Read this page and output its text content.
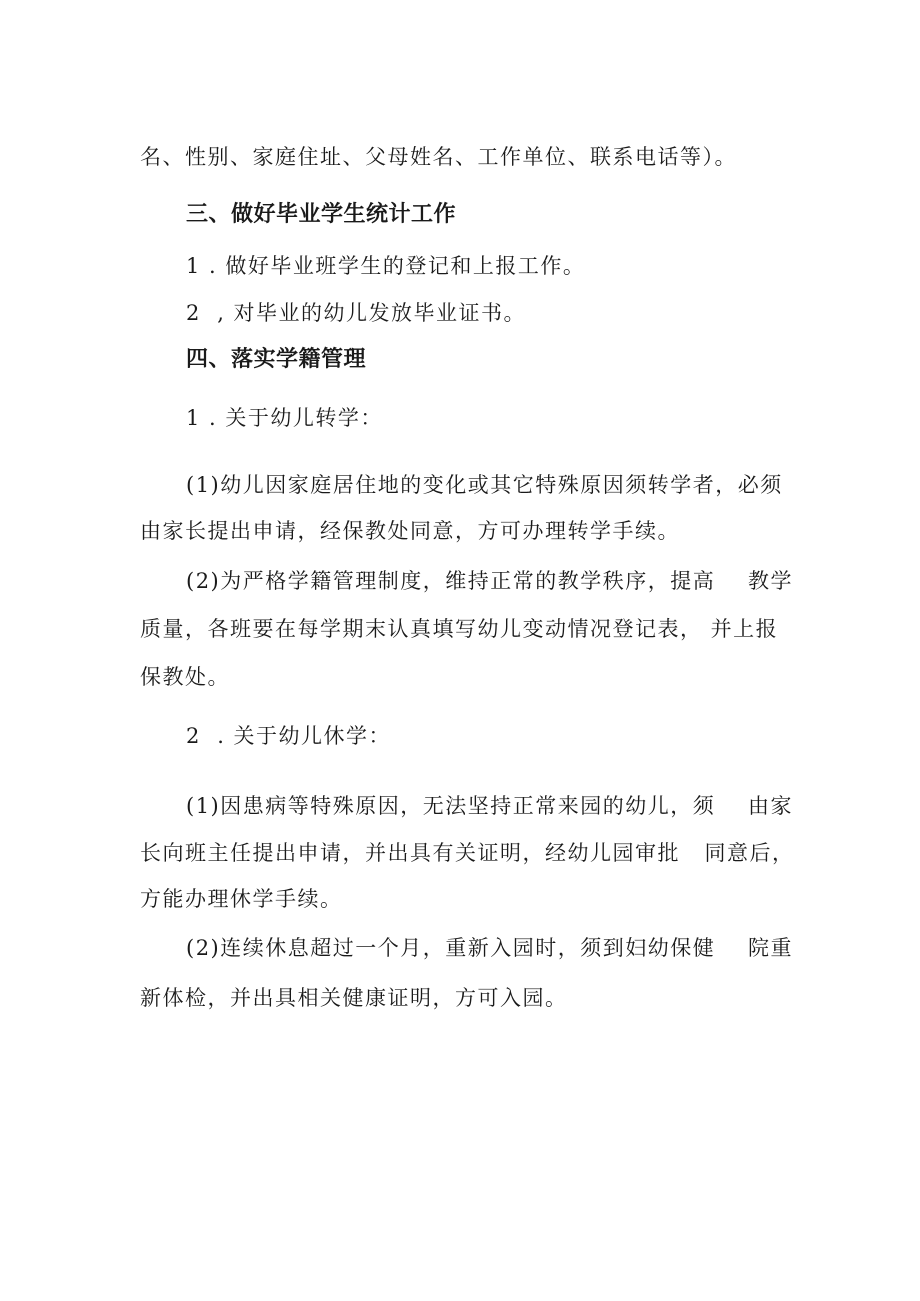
名、性别、家庭住址、父母姓名、工作单位、联系电话等）。
三、做好毕业学生统计工作
1 . 做好毕业班学生的登记和上报工作。
2  , 对毕业的幼儿发放毕业证书。
四、落实学籍管理
1 . 关于幼儿转学：
(1)幼儿因家庭居住地的变化或其它特殊原因须转学者，必须
由家长提出申请，经保教处同意，方可办理转学手续。
(2)为严格学籍管理制度，维持正常的教学秩序，提高    教学
质量，各班要在每学期末认真填写幼儿变动情况登记表， 并上报
保教处。
2  . 关于幼儿休学：
(1)因患病等特殊原因，无法坚持正常来园的幼儿，须    由家
长向班主任提出申请，并出具有关证明，经幼儿园审批   同意后，
方能办理休学手续。
(2)连续休息超过一个月，重新入园时，须到妇幼保健    院重
新体检，并出具相关健康证明，方可入园。
